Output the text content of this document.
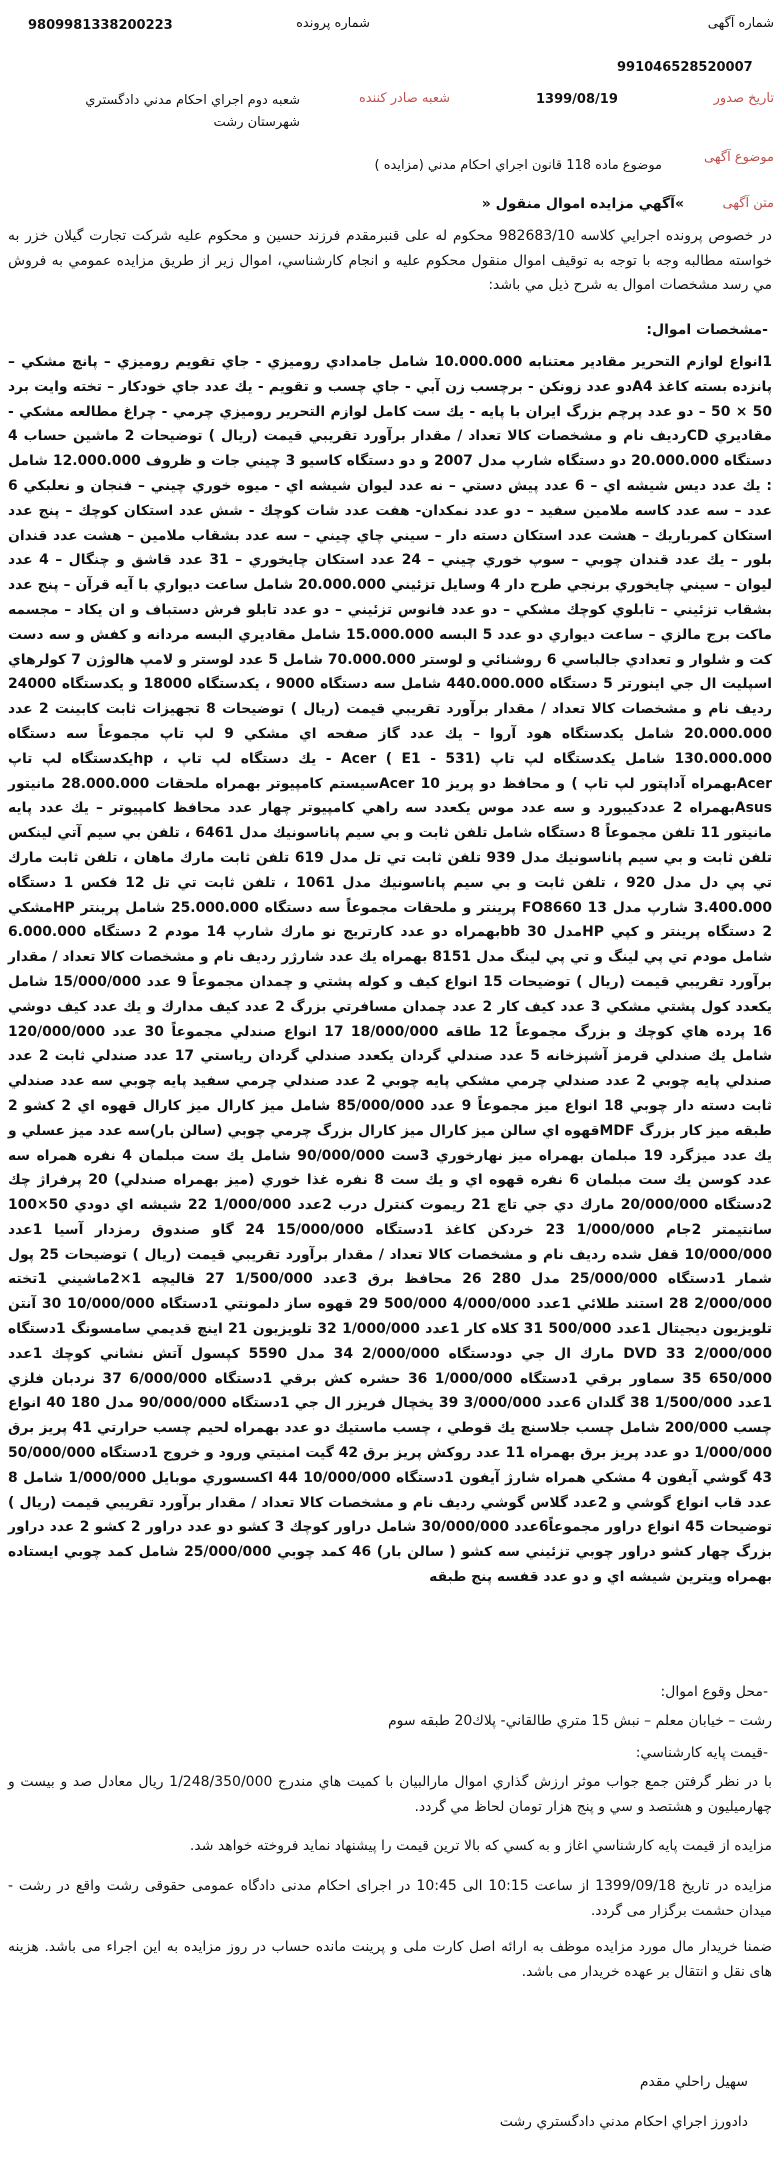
شماره آگهی
شماره پرونده
9809981338200223
991046528520007
تاریخ صدور
1399/08/19
شعبه صادر کننده
شعبه دوم اجراي احكام مدني دادگستري شهرستان رشت
موضوع آگهی
موضوع ماده 118 قانون اجراي احكام مدني (مزايده )
متن آگهی
»آگهي مزايده اموال منقول «
در خصوص پرونده اجرايي كلاسه 982683/10 محكوم له علی قنبرمقدم فرزند حسين و محكوم عليه شركت تجارت گيلان خزر به خواسته مطالبه وجه با توجه به توقيف اموال منقول محكوم عليه و انجام كارشناسي، اموال زير از طريق مزايده عمومي به فروش مي رسد مشخصات اموال به شرح ذيل مي باشد:
-مشخصات اموال:
1انواع لوازم التحرير مقادير معتنابه 10.000.000 شامل جامدادي روميزي - جاي تقويم روميزي – پانچ مشكي – پانزده بسته كاغذ A4دو عدد زونكن - برچسب زن آبي - جاي چسب و تقويم - يك عدد جاي خودكار – تخته وايت برد 50 × 50 – دو عدد پرچم بزرگ ايران با پايه - يك ست كامل لوازم التحرير روميزي چرمي - چراغ مطالعه مشكي - مقاديري CDرديف نام و مشخصات كالا تعداد / مقدار برآورد تقريبي قيمت (ريال ) توضيحات 2 ماشين حساب 4 دستگاه 20.000.000 دو دستگاه شارپ مدل 2007 و دو دستگاه كاسيو 3 چيني جات و ظروف 12.000.000 شامل : يك عدد ديس شيشه اي – 6 عدد پيش دستي – نه عدد ليوان شيشه اي - ميوه خوري چيني – فنجان و نعلبكي 6 عدد – سه عدد كاسه ملامين سفيد – دو عدد نمكدان- هفت عدد شات كوچك - شش عدد استكان كوچك – پنج عدد استكان كمرباريك – هشت عدد استكان دسته دار – سيني چاي چيني – سه عدد بشقاب ملامين – هشت عدد قندان بلور – يك عدد قندان چوبي – سوپ خوري چيني – 24 عدد استكان چايخوري – 31 عدد قاشق و چنگال – 4 عدد ليوان – سيني چايخوري برنجي طرح دار 4 وسايل تزئيني 20.000.000 شامل ساعت ديواري با آيه قرآن – پنج عدد بشقاب تزئيني – تابلوي كوچك مشكي – دو عدد فانوس تزئيني – دو عدد تابلو فرش دستباف و ان يكاد – مجسمه ماكت برج مالزي – ساعت ديواري دو عدد 5 البسه 15.000.000 شامل مقاديري البسه مردانه و كفش و سه دست كت و شلوار و تعدادي جالباسي 6 روشنائي و لوستر 70.000.000 شامل 5 عدد لوستر و لامپ هالوژن 7 كولرهاي اسپليت ال جي اينورتر 5 دستگاه 440.000.000 شامل سه دستگاه 9000 ، يكدستگاه 18000 و يكدستگاه 24000 رديف نام و مشخصات كالا تعداد / مقدار برآورد تقريبي قيمت (ريال ) توضيحات 8 تجهيزات ثابت كابينت 2 عدد 20.000.000 شامل يكدستگاه هود آروا – يك عدد گاز صفحه اي مشكي 9 لپ تاپ مجموعاً سه دستگاه 130.000.000 شامل يكدستگاه لپ تاپ Acer ( E1 - 531) - يك دستگاه لپ تاپ ، hpيكدستگاه لپ تاپ Acerبهمراه آداپتور لپ تاپ ) و محافظ دو پريز Acer 10سيستم كامپيوتر بهمراه ملحقات 28.000.000 مانيتور Asusبهمراه 2 عددكيبورد و سه عدد موس يكعدد سه راهي كامپيوتر چهار عدد محافظ كامپيوتر – يك عدد پايه مانيتور 11 تلفن مجموعاً 8 دستگاه شامل تلفن ثابت و بي سيم پاناسونيك مدل 6461 ، تلفن بي سيم آتي لينكس تلفن ثابت و بي سيم پاناسونيك مدل 939 تلفن ثابت تي تل مدل 619 تلفن ثابت مارك ماهان ، تلفن ثابت مارك تي پي دل مدل 920 ، تلفن ثابت و بي سيم پاناسونيك مدل 1061 ، تلفن ثابت تي تل 12 فكس 1 دستگاه 3.400.000 شارپ مدل FO8660 13 پرينتر و ملحقات مجموعاً سه دستگاه 25.000.000 شامل پرينتر HPمشكي 2 دستگاه پرينتر و كپي HPمدل bb 30بهمراه دو عدد كارتريج نو مارك شارپ 14 مودم 2 دستگاه 6.000.000 شامل مودم تي پي لينگ و تي پي لينگ مدل 8151 بهمراه يك عدد شارژر رديف نام و مشخصات كالا تعداد / مقدار برآورد تقريبي قيمت (ريال ) توضيحات 15 انواع كيف و كوله پشتي و چمدان مجموعاً 9 عدد 15/000/000 شامل يكعدد كول پشتي مشكي 3 عدد كيف كار 2 عدد چمدان مسافرتي بزرگ 2 عدد كيف مدارك و يك عدد كيف دوشي 16 پرده هاي كوچك و بزرگ مجموعاً 12 طاقه 18/000/000 17 انواع صندلي مجموعاً 30 عدد 120/000/000 شامل يك صندلي قرمز آشپزخانه 5 عدد صندلي گردان يكعدد صندلي گردان رياستي 17 عدد صندلي ثابت 2 عدد صندلي پايه چوبي 2 عدد صندلي چرمي مشكي پايه چوبي 2 عدد صندلي چرمي سفيد پايه چوبي سه عدد صندلي ثابت دسته دار چوبي 18 انواع ميز مجموعاً 9 عدد 85/000/000 شامل ميز كارال ميز كارال قهوه اي 2 كشو 2 طبقه ميز كار بزرگ MDFقهوه اي سالن ميز كارال ميز كارال بزرگ چرمي چوبي (سالن بار)سه عدد ميز عسلي و يك عدد ميزگرد 19 مبلمان بهمراه ميز نهارخوري 3ست 90/000/000 شامل يك ست مبلمان 4 نفره همراه سه عدد كوسن يك ست مبلمان 6 نفره قهوه اي و يك ست 8 نفره غذا خوري (ميز بهمراه صندلي) 20 پرفراژ چك 2دستگاه 20/000/000 مارك دي جي تاچ 21 ريموت كنترل درب 2عدد 1/000/000 22 شيشه اي دودي 50×100 سانتيمتر 2جام 1/000/000 23 خردكن كاغذ 1دستگاه 15/000/000 24 گاو صندوق رمزدار آسيا 1عدد 10/000/000 قفل شده رديف نام و مشخصات كالا تعداد / مقدار برآورد تقريبي قيمت (ريال ) توضيحات 25 پول شمار 1دستگاه 25/000/000 مدل 280 26 محافظ برق 3عدد 1/500/000 27 قاليچه 1×2ماشيني 1تخته 2/000/000 28 استند طلائي 1عدد 4/000/000 500/000 29 قهوه ساز دلمونتي 1دستگاه 10/000/000 30 آنتن تلويزيون ديجيتال 1عدد 500/000 31 كلاه كار 1عدد 1/000/000 32 تلويزيون 21 اينچ قديمي سامسونگ 1دستگاه 2/000/000 DVD 33 مارك ال جي دودستگاه 2/000/000 34 مدل 5590 كپسول آتش نشاني كوچك 1عدد 650/000 35 سماور برقي 1دستگاه 1/000/000 36 حشره كش برقي 1دستگاه 6/000/000 37 نردبان فلزي 1عدد 1/500/000 38 گلدان 6عدد 3/000/000 39 يخچال فريزر ال جي 1دستگاه 90/000/000 مدل 180 40 انواع چسب 200/000 شامل چسب جلاسنچ يك قوطي ، چسب ماستيك دو عدد بهمراه لحيم چسب حرارتي 41 پريز برق 1/000/000 دو عدد پريز برق بهمراه 11 عدد روكش پريز برق 42 گيت امنيتي ورود و خروج 1دستگاه 50/000/000 43 گوشي آيفون 4 مشكي همراه شارژ آيفون 1دستگاه 10/000/000 44 اكسسوري موبايل 1/000/000 شامل 8 عدد قاب انواع گوشي و 2عدد گلاس گوشي رديف نام و مشخصات كالا تعداد / مقدار برآورد تقريبي قيمت (ريال ) توضيحات 45 انواع دراور مجموعاً6عدد 30/000/000 شامل دراور كوچك 3 كشو دو عدد دراور 2 كشو 2 عدد دراور بزرگ چهار كشو دراور چوبي تزئيني سه كشو ( سالن بار) 46 كمد چوبي 25/000/000 شامل كمد چوبي ايستاده بهمراه ويترين شيشه اي و دو عدد قفسه پنج طبقه
-محل وقوع اموال:
رشت – خيابان معلم – نبش 15 متري طالقاني- پلاك20 طبقه سوم
-قيمت پايه كارشناسي:
با در نظر گرفتن جمع جواب موثر ارزش گذاري اموال مارالبيان با كميت هاي مندرج 1/248/350/000 ريال معادل صد و بيست و چهارميليون و هشتصد و سي و پنج هزار تومان لحاظ مي گردد.
مزايده از قيمت پايه كارشناسي اغاز و به كسي كه بالا ترين قيمت را پيشنهاد نمايد فروخته خواهد شد.
مزايده در تاريخ 1399/09/18 از ساعت 10:15 الی 10:45 در اجرای احكام مدنی دادگاه عمومی حقوقی رشت واقع در رشت - ميدان حشمت برگزار می گردد.
ضمنا خريدار مال مورد مزايده موظف به ارائه اصل كارت ملی و پرينت مانده حساب در روز مزايده به اين اجراء می باشد. هزينه های نقل و انتقال بر عهده خريدار می باشد.
سهيل راحلي مقدم
دادورز اجراي احكام مدني دادگستري رشت
